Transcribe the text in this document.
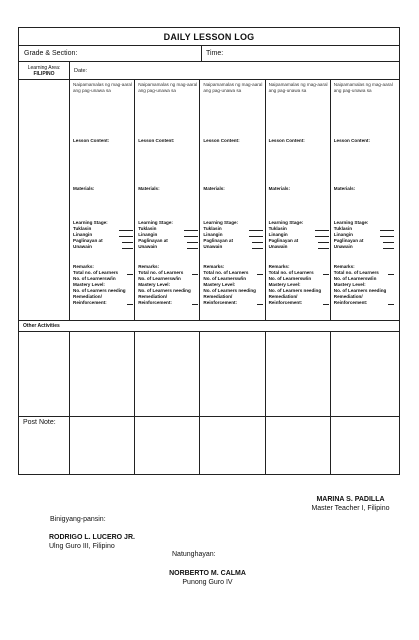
DAILY LESSON LOG
Grade & Section:	Time:
Learning Area:
FILIPINO	Date:
Naipamamalas ng mag-aaral ang pag-unawa sa
Lesson Content:
Materials:
Learning Stage:
Tuklasin
Linangin
Paglinayan at
Unawain
Remarks:
Total no. of Learners
No. of Learnersw/in
Mastery Level:
No. of Learners needing
Remediation/
Reinforcement:
Naipamamalas ng mag-aaral ang pag-unawa sa
Lesson Content:
Materials:
Learning Stage:
Tuklasin
Linangin
Paglinayan at
Unawain
Remarks:
Total no. of Learners
No. of Learnersw/in
Mastery Level:
No. of Learners needing
Remediation/
Reinforcement:
Naipamamalas ng mag-aaral ang pag-unawa sa
Lesson Content:
Materials:
Learning Stage:
Tuklasin
Linangin
Paglinayan at
Unawain
Remarks:
Total no. of Learners
No. of Learnersw/in
Mastery Level:
No. of Learners needing
Remediation/
Reinforcement:
Naipamamalas ng mag-aaral ang pag-unawa sa
Lesson Content:
Materials:
Learning Stage:
Tuklasin
Linangin
Paglinayan at
Unawain
Remarks:
Total no. of Learners
No. of Learnersw/in
Mastery Level:
No. of Learners needing
Remediation/
Reinforcement:
Naipamamalas ng mag-aaral ang pag-unawa sa
Lesson Content:
Materials:
Learning Stage:
Tuklasin
Linangin
Paglinayan at
Unawain
Remarks:
Total no. of Learners
No. of Learnersw/in
Mastery Level:
No. of Learners needing
Remediation/
Reinforcement:
Other Activities
Post Note:
MARINA S. PADILLA
Master Teacher I, Filipino
Binigyang-pansin:
RODRIGO L. LUCERO JR.
Ulng Guro III, Filipino
Natunghayan:
NORBERTO M. CALMA
Punong Guro IV
